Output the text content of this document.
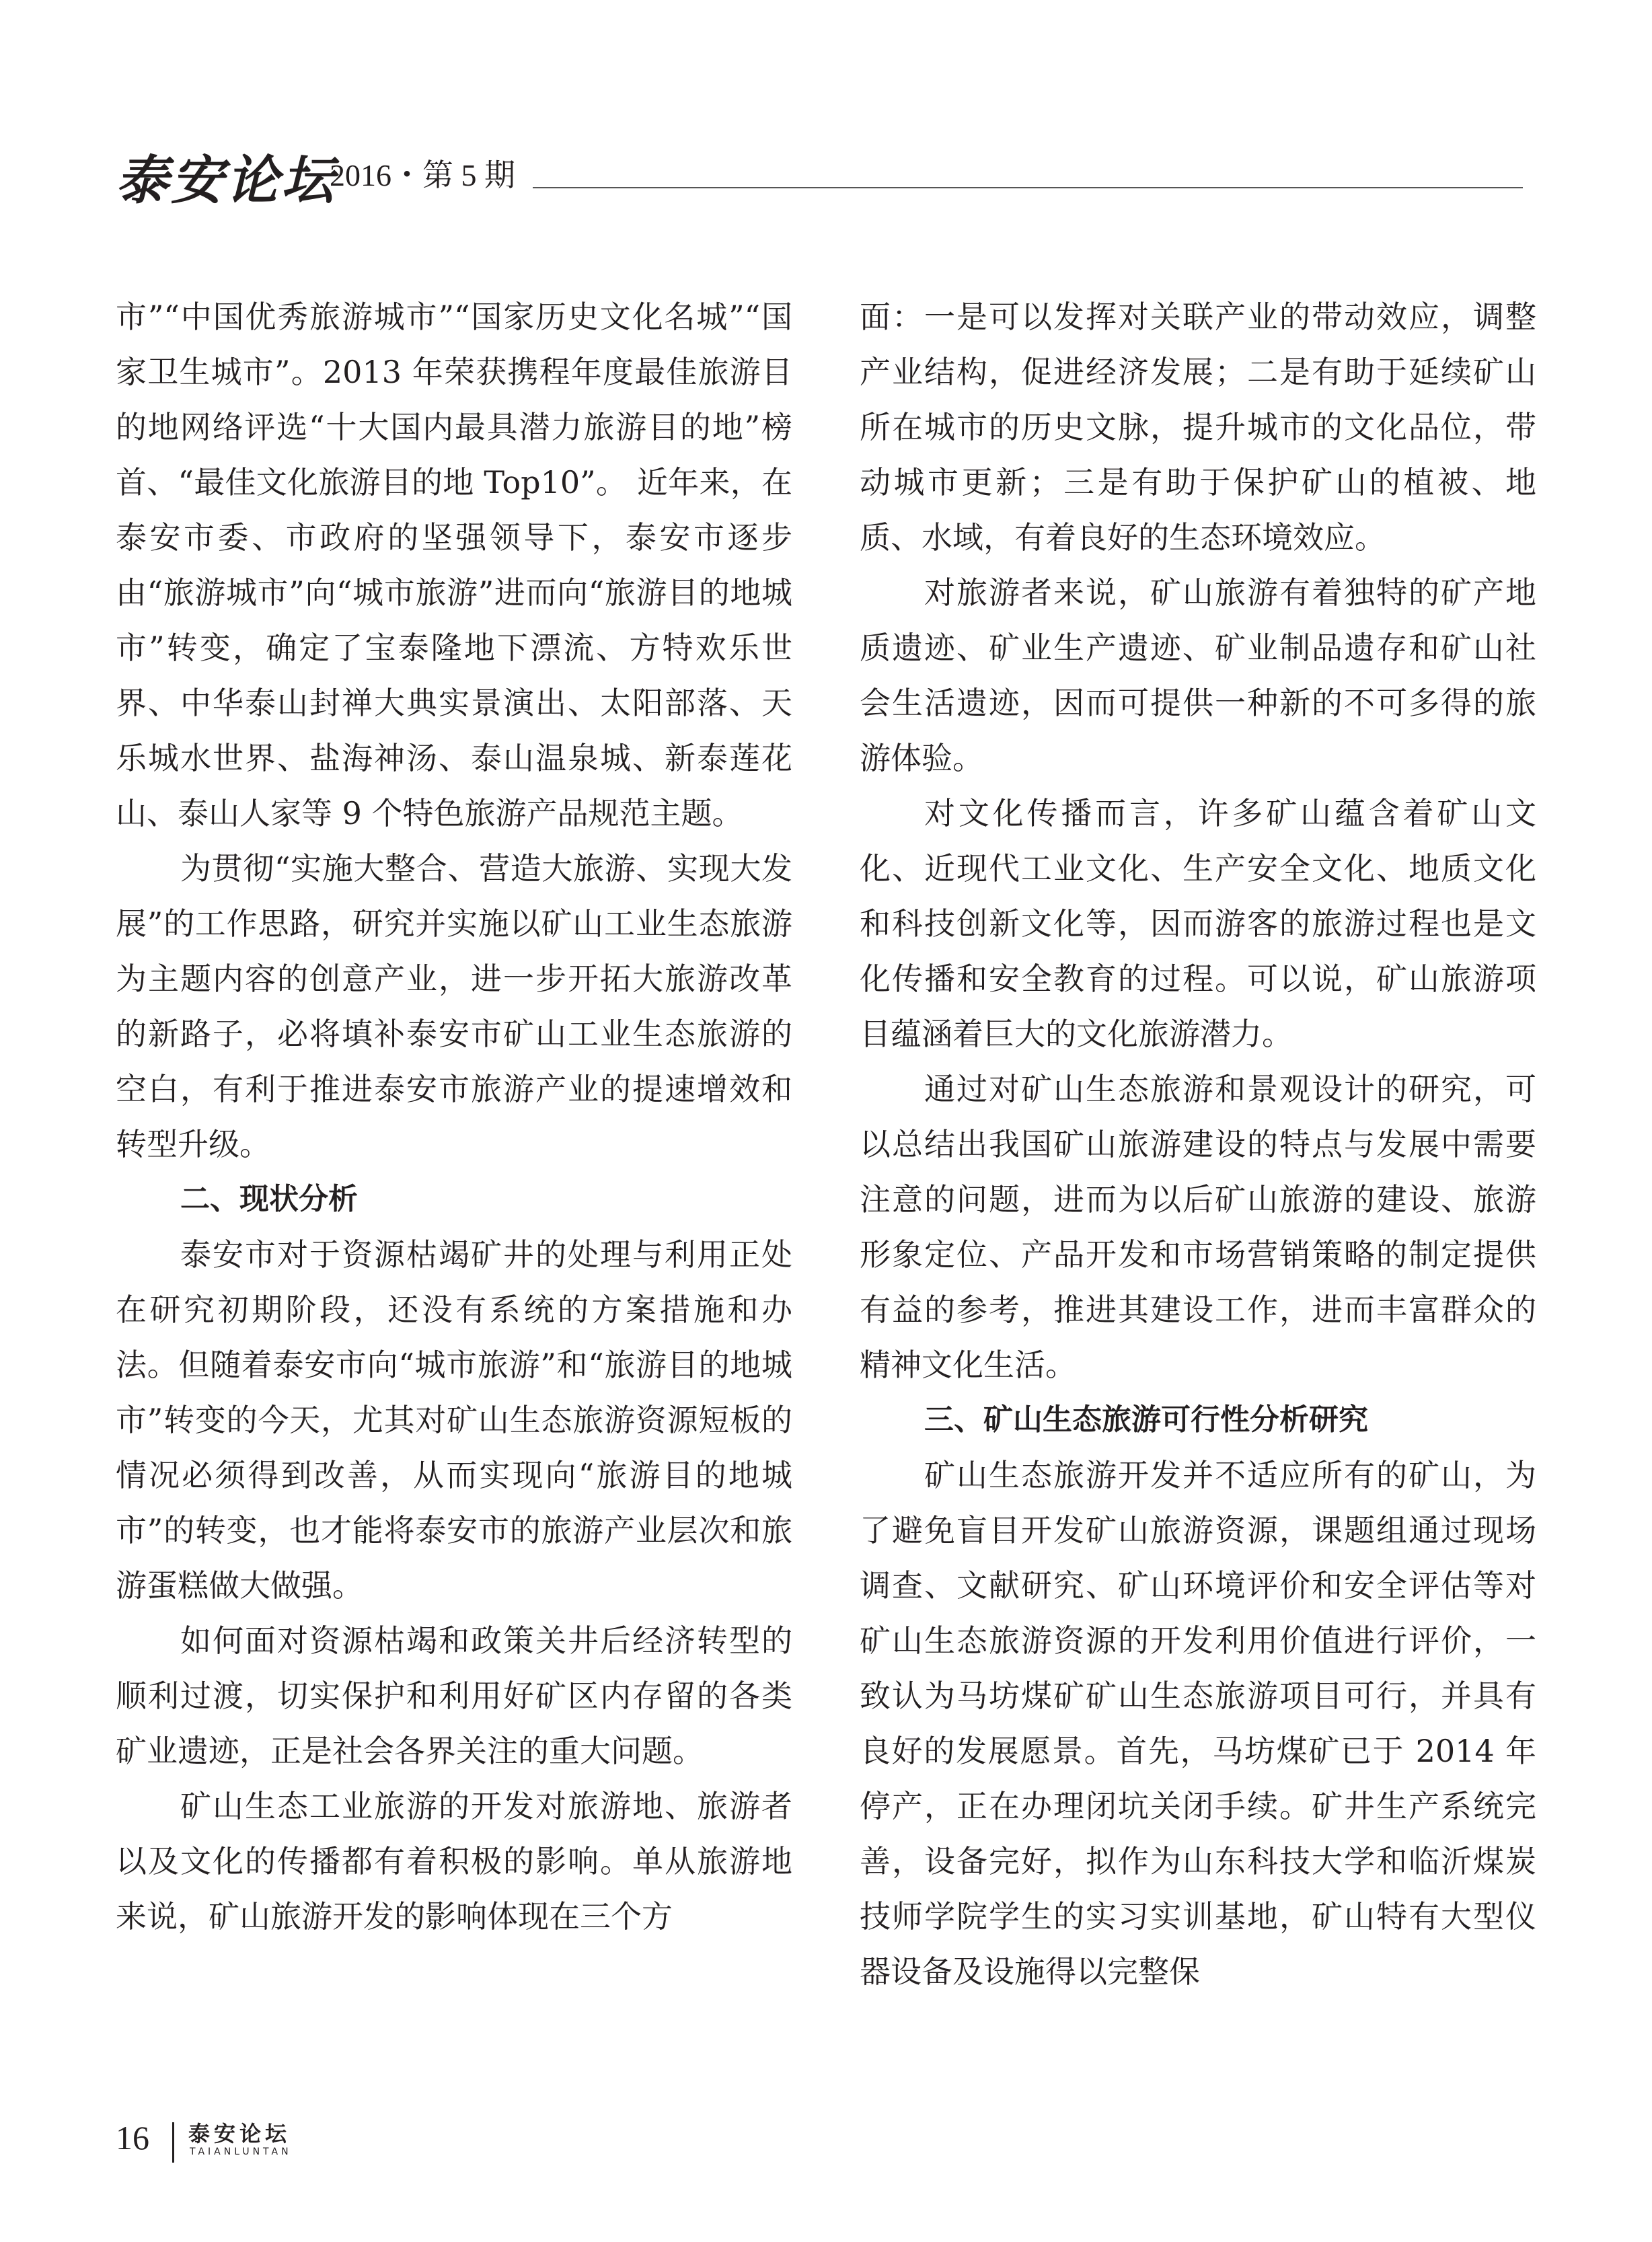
泰安论坛
2016・第 5 期

市”“中国优秀旅游城市”“国家历史文化名城”“国家卫生城市”。2013 年荣获携程年度最佳旅游目的地网络评选“十大国内最具潜力旅游目的地”榜首、“最佳文化旅游目的地 Top10”。 近年来，在泰安市委、市政府的坚强领导下，泰安市逐步由“旅游城市”向“城市旅游”进而向“旅游目的地城市”转变，确定了宝泰隆地下漂流、方特欢乐世界、中华泰山封禅大典实景演出、太阳部落、天乐城水世界、盐海神汤、泰山温泉城、新泰莲花山、泰山人家等 9 个特色旅游产品规范主题。

为贯彻“实施大整合、营造大旅游、实现大发展”的工作思路，研究并实施以矿山工业生态旅游为主题内容的创意产业，进一步开拓大旅游改革的新路子，必将填补泰安市矿山工业生态旅游的空白，有利于推进泰安市旅游产业的提速增效和转型升级。

二、现状分析

泰安市对于资源枯竭矿井的处理与利用正处在研究初期阶段，还没有系统的方案措施和办法。但随着泰安市向“城市旅游”和“旅游目的地城市”转变的今天，尤其对矿山生态旅游资源短板的情况必须得到改善，从而实现向“旅游目的地城市”的转变，也才能将泰安市的旅游产业层次和旅游蛋糕做大做强。

如何面对资源枯竭和政策关井后经济转型的顺利过渡，切实保护和利用好矿区内存留的各类矿业遗迹，正是社会各界关注的重大问题。

矿山生态工业旅游的开发对旅游地、旅游者以及文化的传播都有着积极的影响。单从旅游地来说，矿山旅游开发的影响体现在三个方

面：一是可以发挥对关联产业的带动效应，调整产业结构，促进经济发展；二是有助于延续矿山所在城市的历史文脉，提升城市的文化品位，带动城市更新；三是有助于保护矿山的植被、地质、水域，有着良好的生态环境效应。

对旅游者来说，矿山旅游有着独特的矿产地质遗迹、矿业生产遗迹、矿业制品遗存和矿山社会生活遗迹，因而可提供一种新的不可多得的旅游体验。

对文化传播而言，许多矿山蕴含着矿山文化、近现代工业文化、生产安全文化、地质文化和科技创新文化等，因而游客的旅游过程也是文化传播和安全教育的过程。可以说，矿山旅游项目蕴涵着巨大的文化旅游潜力。

通过对矿山生态旅游和景观设计的研究，可以总结出我国矿山旅游建设的特点与发展中需要注意的问题，进而为以后矿山旅游的建设、旅游形象定位、产品开发和市场营销策略的制定提供有益的参考，推进其建设工作，进而丰富群众的精神文化生活。

三、矿山生态旅游可行性分析研究

矿山生态旅游开发并不适应所有的矿山，为了避免盲目开发矿山旅游资源，课题组通过现场调查、文献研究、矿山环境评价和安全评估等对矿山生态旅游资源的开发利用价值进行评价，一致认为马坊煤矿矿山生态旅游项目可行，并具有良好的发展愿景。首先，马坊煤矿已于 2014 年停产，正在办理闭坑关闭手续。矿井生产系统完善，设备完好，拟作为山东科技大学和临沂煤炭技师学院学生的实习实训基地，矿山特有大型仪器设备及设施得以完整保

16 泰安论坛
TAIANLUNTAN
